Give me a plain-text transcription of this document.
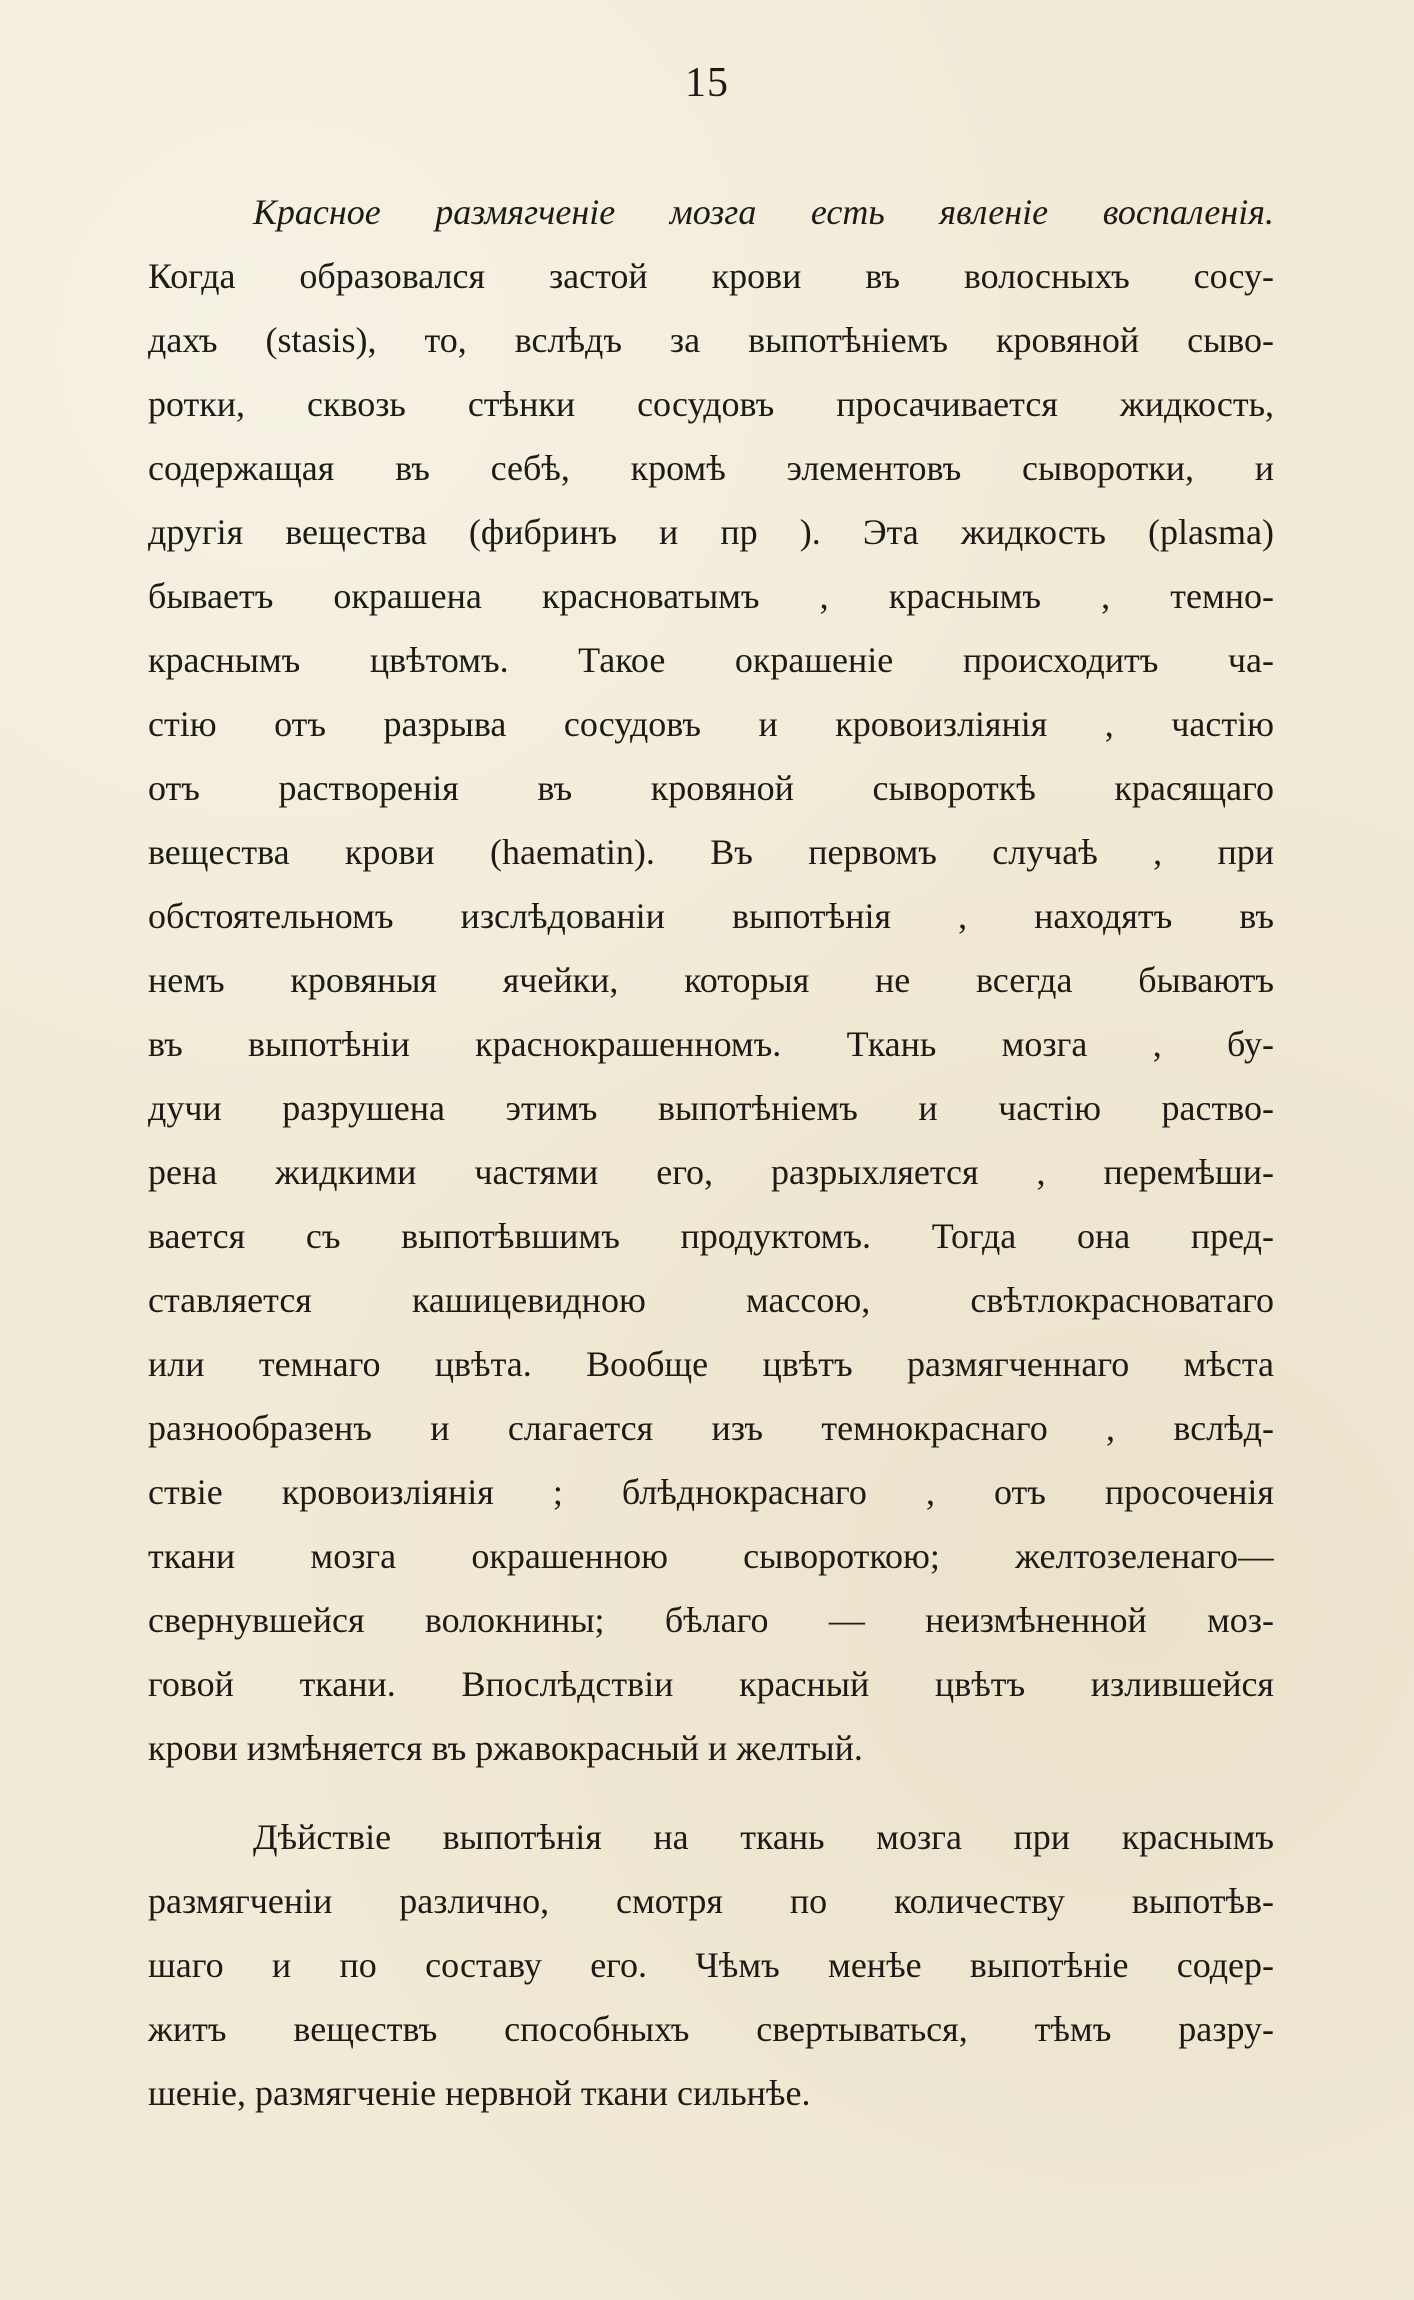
15
Красное размягченіе мозга есть явленіе воспаленія.
Когда образовался застой крови въ волосныхъ сосу-
дахъ (stasis), то, вслѣдъ за выпотѣніемъ кровяной сыво-
ротки, сквозь стѣнки сосудовъ просачивается жидкость,
содержащая въ себѣ, кромѣ элементовъ сыворотки, и
другія вещества (фибринъ и пр ). Эта жидкость (plasma)
бываетъ окрашена красноватымъ , краснымъ , темно-
краснымъ цвѣтомъ. Такое окрашеніе происходитъ ча-
стію отъ разрыва сосудовъ и кровоизліянія , частію
отъ растворенія въ кровяной сывороткѣ красящаго
вещества крови (haematin). Въ первомъ случаѣ , при
обстоятельномъ изслѣдованіи выпотѣнія , находятъ въ
немъ кровяныя ячейки, которыя не всегда бываютъ
въ выпотѣніи краснокрашенномъ. Ткань мозга , бу-
дучи разрушена этимъ выпотѣніемъ и частію раство-
рена жидкими частями его, разрыхляется , перемѣши-
вается съ выпотѣвшимъ продуктомъ. Тогда она пред-
ставляется кашицевидною массою, свѣтлокрасноватаго
или темнаго цвѣта. Вообще цвѣтъ размягченнаго мѣста
разнообразенъ и слагается изъ темнокраснаго , вслѣд-
ствіе кровоизліянія ; блѣднокраснаго , отъ просоченія
ткани мозга окрашенною сывороткою; желтозеленаго—
свернувшейся волокнины; бѣлаго — неизмѣненной моз-
говой ткани. Впослѣдствіи красный цвѣтъ излившейся
крови измѣняется въ ржавокрасный и желтый.
Дѣйствіе выпотѣнія на ткань мозга при краснымъ
размягченіи различно, смотря по количеству выпотѣв-
шаго и по составу его. Чѣмъ менѣе выпотѣніе содер-
житъ веществъ способныхъ свертываться, тѣмъ разру-
шеніе, размягченіе нервной ткани сильнѣе.
